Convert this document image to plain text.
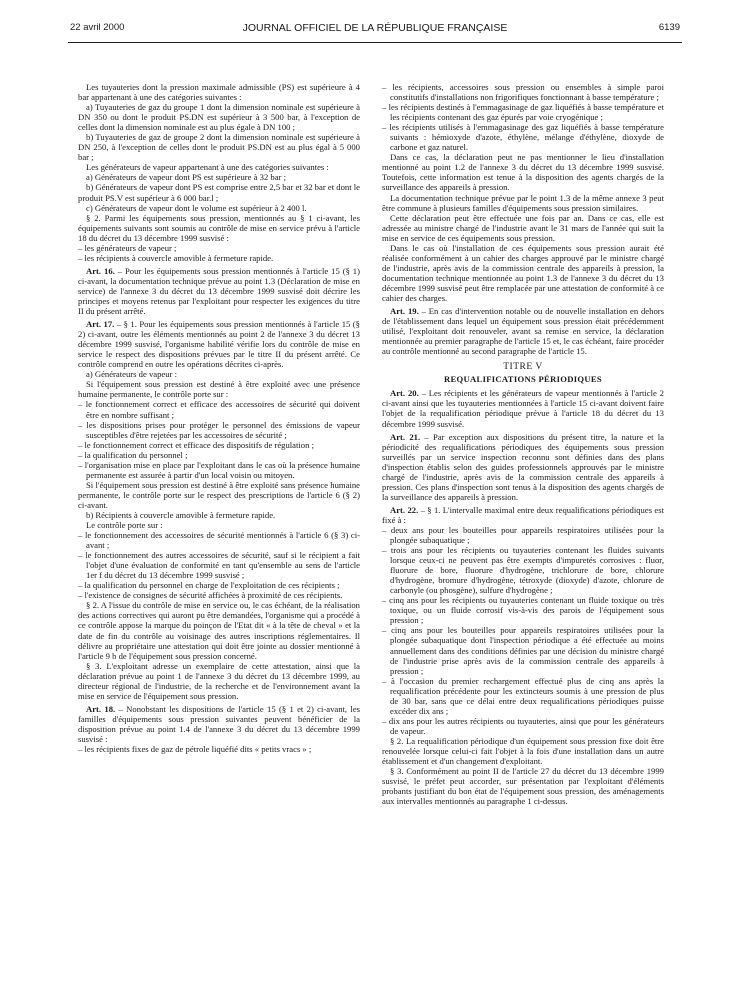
22 avril 2000	JOURNAL OFFICIEL DE LA RÉPUBLIQUE FRANÇAISE	6139

Les tuyauteries dont la pression maximale admissible (PS) est supérieure à 4 bar appartenant à une des catégories suivantes :

a) Tuyauteries de gaz du groupe 1 dont la dimension nominale est supérieure à DN 350 ou dont le produit PS.DN est supérieur à 3 500 bar, à l'exception de celles dont la dimension nominale est au plus égale à DN 100 ;

b) Tuyauteries de gaz de groupe 2 dont la dimension nominale est supérieure à DN 250, à l'exception de celles dont le produit PS.DN est au plus égal à 5 000 bar ;

Les générateurs de vapeur appartenant à une des catégories suivantes :

a) Générateurs de vapeur dont PS est supérieure à 32 bar ;

b) Générateurs de vapeur dont PS est comprise entre 2,5 bar et 32 bar et dont le produit PS.V est supérieur à 6 000 bar.l ;

c) Générateurs de vapeur dont le volume est supérieur à 2 400 l.

§ 2. Parmi les équipements sous pression, mentionnés au § 1 ci-avant, les équipements suivants sont soumis au contrôle de mise en service prévu à l'article 18 du décret du 13 décembre 1999 susvisé :

– les générateurs de vapeur ;

– les récipients à couvercle amovible à fermeture rapide.

Art. 16. – Pour les équipements sous pression mentionnés à l'article 15 (§ 1) ci-avant, la documentation technique prévue au point 1.3 (Déclaration de mise en service) de l'annexe 3 du décret du 13 décembre 1999 susvisé doit décrire les principes et moyens retenus par l'exploitant pour respecter les exigences du titre II du présent arrêté.

Art. 17. – § 1. Pour les équipements sous pression mentionnés à l'article 15 (§ 2) ci-avant, outre les éléments mentionnés au point 2 de l'annexe 3 du décret 13 décembre 1999 susvisé, l'organisme habilité vérifie lors du contrôle de mise en service le respect des dispositions prévues par le titre II du présent arrêté. Ce contrôle comprend en outre les opérations décrites ci-après.

a) Générateurs de vapeur :

Si l'équipement sous pression est destiné à être exploité avec une présence humaine permanente, le contrôle porte sur :

– le fonctionnement correct et efficace des accessoires de sécurité qui doivent être en nombre suffisant ;

– les dispositions prises pour protéger le personnel des émissions de vapeur susceptibles d'être rejetées par les accessoires de sécurité ;

– le fonctionnement correct et efficace des dispositifs de régulation ;

– la qualification du personnel ;

– l'organisation mise en place par l'exploitant dans le cas où la présence humaine permanente est assurée à partir d'un local voisin ou mitoyen.

Si l'équipement sous pression est destiné à être exploité sans présence humaine permanente, le contrôle porte sur le respect des prescriptions de l'article 6 (§ 2) ci-avant.

b) Récipients à couvercle amovible à fermeture rapide.

Le contrôle porte sur :

– le fonctionnement des accessoires de sécurité mentionnés à l'article 6 (§ 3) ci-avant ;

– le fonctionnement des autres accessoires de sécurité, sauf si le récipient a fait l'objet d'une évaluation de conformité en tant qu'ensemble au sens de l'article 1er f du décret du 13 décembre 1999 susvisé ;

– la qualification du personnel en charge de l'exploitation de ces récipients ;

– l'existence de consignes de sécurité affichées à proximité de ces récipients.

§ 2. A l'issue du contrôle de mise en service ou, le cas échéant, de la réalisation des actions correctives qui auront pu être demandées, l'organisme qui a procédé à ce contrôle appose la marque du poinçon de l'Etat dit « à la tête de cheval » et la date de fin du contrôle au voisinage des autres inscriptions réglementaires. Il délivre au propriétaire une attestation qui doit être jointe au dossier mentionné à l'article 9 b de l'équipement sous pression concerné.

§ 3. L'exploitant adresse un exemplaire de cette attestation, ainsi que la déclaration prévue au point 1 de l'annexe 3 du décret du 13 décembre 1999, au directeur régional de l'industrie, de la recherche et de l'environnement avant la mise en service de l'équipement sous pression.

Art. 18. – Nonobstant les dispositions de l'article 15 (§ 1 et 2) ci-avant, les familles d'équipements sous pression suivantes peuvent bénéficier de la disposition prévue au point 1.4 de l'annexe 3 du décret du 13 décembre 1999 susvisé :

– les récipients fixes de gaz de pétrole liquéfié dits « petits vracs » ;

– les récipients, accessoires sous pression ou ensembles à simple paroi constitutifs d'installations non frigorifiques fonctionnant à basse température ;

– les récipients destinés à l'emmagasinage de gaz liquéfiés à basse température et les récipients contenant des gaz épurés par voie cryogénique ;

– les récipients utilisés à l'emmagasinage des gaz liquéfiés à basse température suivants : hémioxyde d'azote, éthylène, mélange d'éthylène, dioxyde de carbone et gaz naturel.

Dans ce cas, la déclaration peut ne pas mentionner le lieu d'installation mentionné au point 1.2 de l'annexe 3 du décret du 13 décembre 1999 susvisé. Toutefois, cette information est tenue à la disposition des agents chargés de la surveillance des appareils à pression.

La documentation technique prévue par le point 1.3 de la même annexe 3 peut être commune à plusieurs familles d'équipements sous pression similaires.

Cette déclaration peut être effectuée une fois par an. Dans ce cas, elle est adressée au ministre chargé de l'industrie avant le 31 mars de l'année qui suit la mise en service de ces équipements sous pression.

Dans le cas où l'installation de ces équipements sous pression aurait été réalisée conformément à un cahier des charges approuvé par le ministre chargé de l'industrie, après avis de la commission centrale des appareils à pression, la documentation technique mentionnée au point 1.3 de l'annexe 3 du décret du 13 décembre 1999 susvisé peut être remplacée par une attestation de conformité à ce cahier des charges.

Art. 19. – En cas d'intervention notable ou de nouvelle installation en dehors de l'établissement dans lequel un équipement sous pression était précédemment utilisé, l'exploitant doit renouveler, avant sa remise en service, la déclaration mentionnée au premier paragraphe de l'article 15 et, le cas échéant, faire procéder au contrôle mentionné au second paragraphe de l'article 15.

TITRE V
REQUALIFICATIONS PÉRIODIQUES

Art. 20. – Les récipients et les générateurs de vapeur mentionnés à l'article 2 ci-avant ainsi que les tuyauteries mentionnées à l'article 15 ci-avant doivent faire l'objet de la requalification périodique prévue à l'article 18 du décret du 13 décembre 1999 susvisé.

Art. 21. – Par exception aux dispositions du présent titre, la nature et la périodicité des requalifications périodiques des équipements sous pression surveillés par un service inspection reconnu sont définies dans des plans d'inspection établis selon des guides professionnels approuvés par le ministre chargé de l'industrie, après avis de la commission centrale des appareils à pression. Ces plans d'inspection sont tenus à la disposition des agents chargés de la surveillance des appareils à pression.

Art. 22. – § 1. L'intervalle maximal entre deux requalifications périodiques est fixé à :

– deux ans pour les bouteilles pour appareils respiratoires utilisées pour la plongée subaquatique ;

– trois ans pour les récipients ou tuyauteries contenant les fluides suivants lorsque ceux-ci ne peuvent pas être exempts d'impuretés corrosives : fluor, fluorure de bore, fluorure d'hydrogène, trichlorure de bore, chlorure d'hydrogène, bromure d'hydrogène, tétroxyde (dioxyde) d'azote, chlorure de carbonyle (ou phosgène), sulfure d'hydrogène ;

– cinq ans pour les récipients ou tuyauteries contenant un fluide toxique ou très toxique, ou un fluide corrosif vis-à-vis des parois de l'équipement sous pression ;

– cinq ans pour les bouteilles pour appareils respiratoires utilisées pour la plongée subaquatique dont l'inspection périodique a été effectuée au moins annuellement dans des conditions définies par une décision du ministre chargé de l'industrie prise après avis de la commission centrale des appareils à pression ;

– à l'occasion du premier rechargement effectué plus de cinq ans après la requalification précédente pour les extincteurs soumis à une pression de plus de 30 bar, sans que ce délai entre deux requalifications périodiques puisse excéder dix ans ;

– dix ans pour les autres récipients ou tuyauteries, ainsi que pour les générateurs de vapeur.

§ 2. La requalification périodique d'un équipement sous pression fixe doit être renouvelée lorsque celui-ci fait l'objet à la fois d'une installation dans un autre établissement et d'un changement d'exploitant.

§ 3. Conformément au point II de l'article 27 du décret du 13 décembre 1999 susvisé, le préfet peut accorder, sur présentation par l'exploitant d'éléments probants justifiant du bon état de l'équipement sous pression, des aménagements aux intervalles mentionnés au paragraphe 1 ci-dessus.
